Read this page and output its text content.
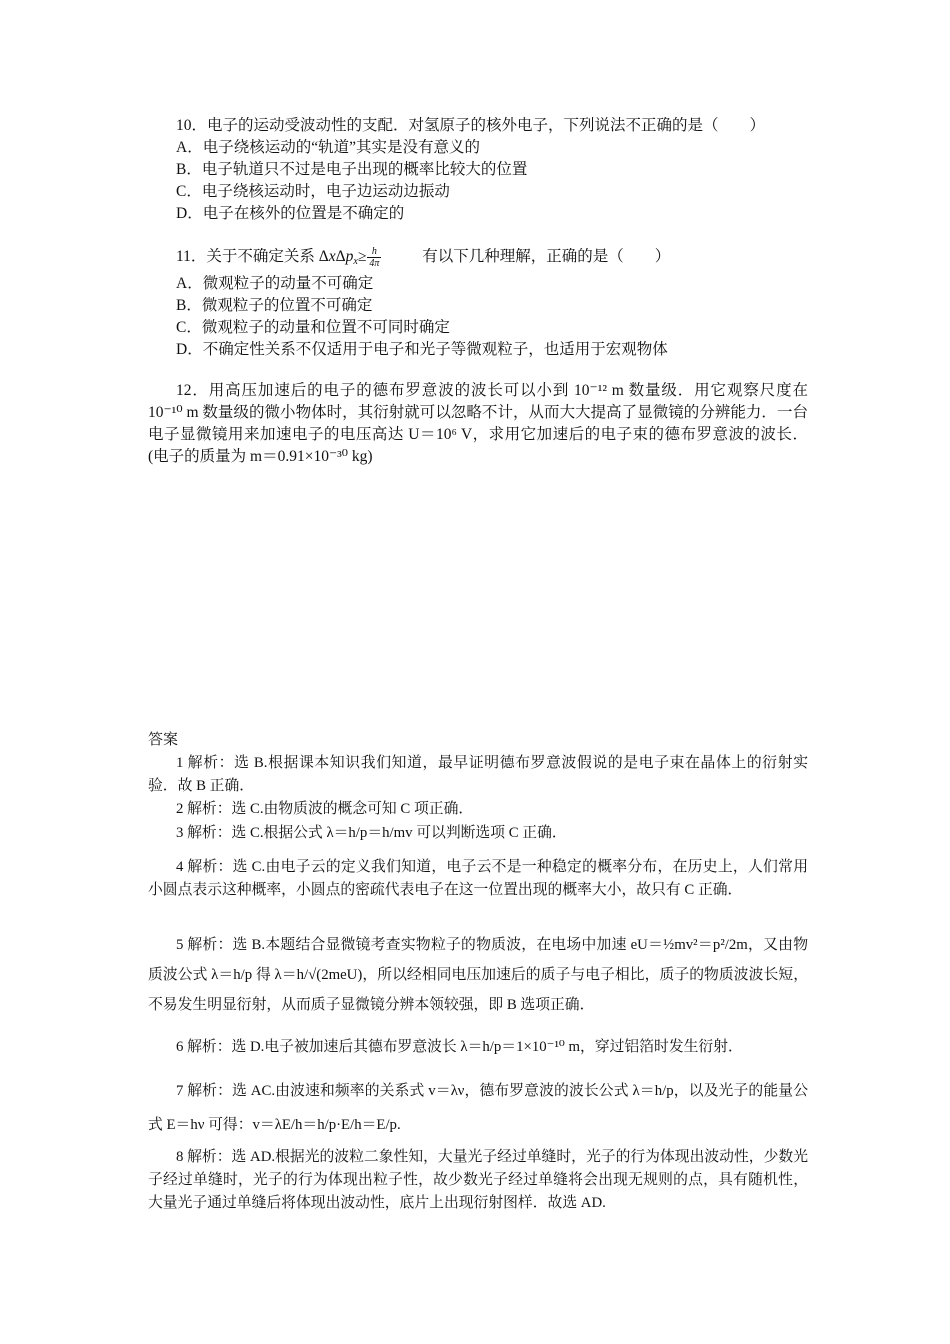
10．电子的运动受波动性的支配．对氢原子的核外电子，下列说法不正确的是（　　）
A．电子绕核运动的“轨道”其实是没有意义的
B．电子轨道只不过是电子出现的概率比较大的位置
C．电子绕核运动时，电子边运动边振动
D．电子在核外的位置是不确定的
11．关于不确定关系 $\Delta x\Delta p_x\ge \frac{h}{4\pi}$	有以下几种理解，正确的是（　　）
A．微观粒子的动量不可确定
B．微观粒子的位置不可确定
C．微观粒子的动量和位置不可同时确定
D．不确定性关系不仅适用于电子和光子等微观粒子，也适用于宏观物体
12．用高压加速后的电子的德布罗意波的波长可以小到 10⁻¹² m 数量级．用它观察尺度在 10⁻¹⁰ m 数量级的微小物体时，其衍射就可以忽略不计，从而大大提高了显微镜的分辨能力．一台电子显微镜用来加速电子的电压高达 U＝10⁶ V，求用它加速后的电子束的德布罗意波的波长．(电子的质量为 m＝0.91×10⁻³⁰ kg)
答案
1 解析：选 B.根据课本知识我们知道，最早证明德布罗意波假说的是电子束在晶体上的衍射实验．故 B 正确．
2 解析：选 C.由物质波的概念可知 C 项正确．
3 解析：选 C.根据公式 λ＝h/p＝h/mv 可以判断选项 C 正确．
4 解析：选 C.由电子云的定义我们知道，电子云不是一种稳定的概率分布，在历史上，人们常用小圆点表示这种概率，小圆点的密疏代表电子在这一位置出现的概率大小，故只有 C 正确．
5 解析：选 B.本题结合显微镜考查实物粒子的物质波，在电场中加速 eU＝½mv²＝p²/2m，又由物质波公式 λ＝h/p 得 λ＝h/√(2meU)，所以经相同电压加速后的质子与电子相比，质子的物质波波长短，不易发生明显衍射，从而质子显微镜分辨本领较强，即 B 选项正确．
6 解析：选 D.电子被加速后其德布罗意波长 λ＝h/p＝1×10⁻¹⁰ m，穿过铝箔时发生衍射．
7 解析：选 AC.由波速和频率的关系式 v＝λν，德布罗意波的波长公式 λ＝h/p，以及光子的能量公式 E＝hν 可得：v＝λE/h＝h/p·E/h＝E/p.
8 解析：选 AD.根据光的波粒二象性知，大量光子经过单缝时，光子的行为体现出波动性，少数光子经过单缝时，光子的行为体现出粒子性，故少数光子经过单缝将会出现无规则的点，具有随机性，大量光子通过单缝后将体现出波动性，底片上出现衍射图样．故选 AD.
